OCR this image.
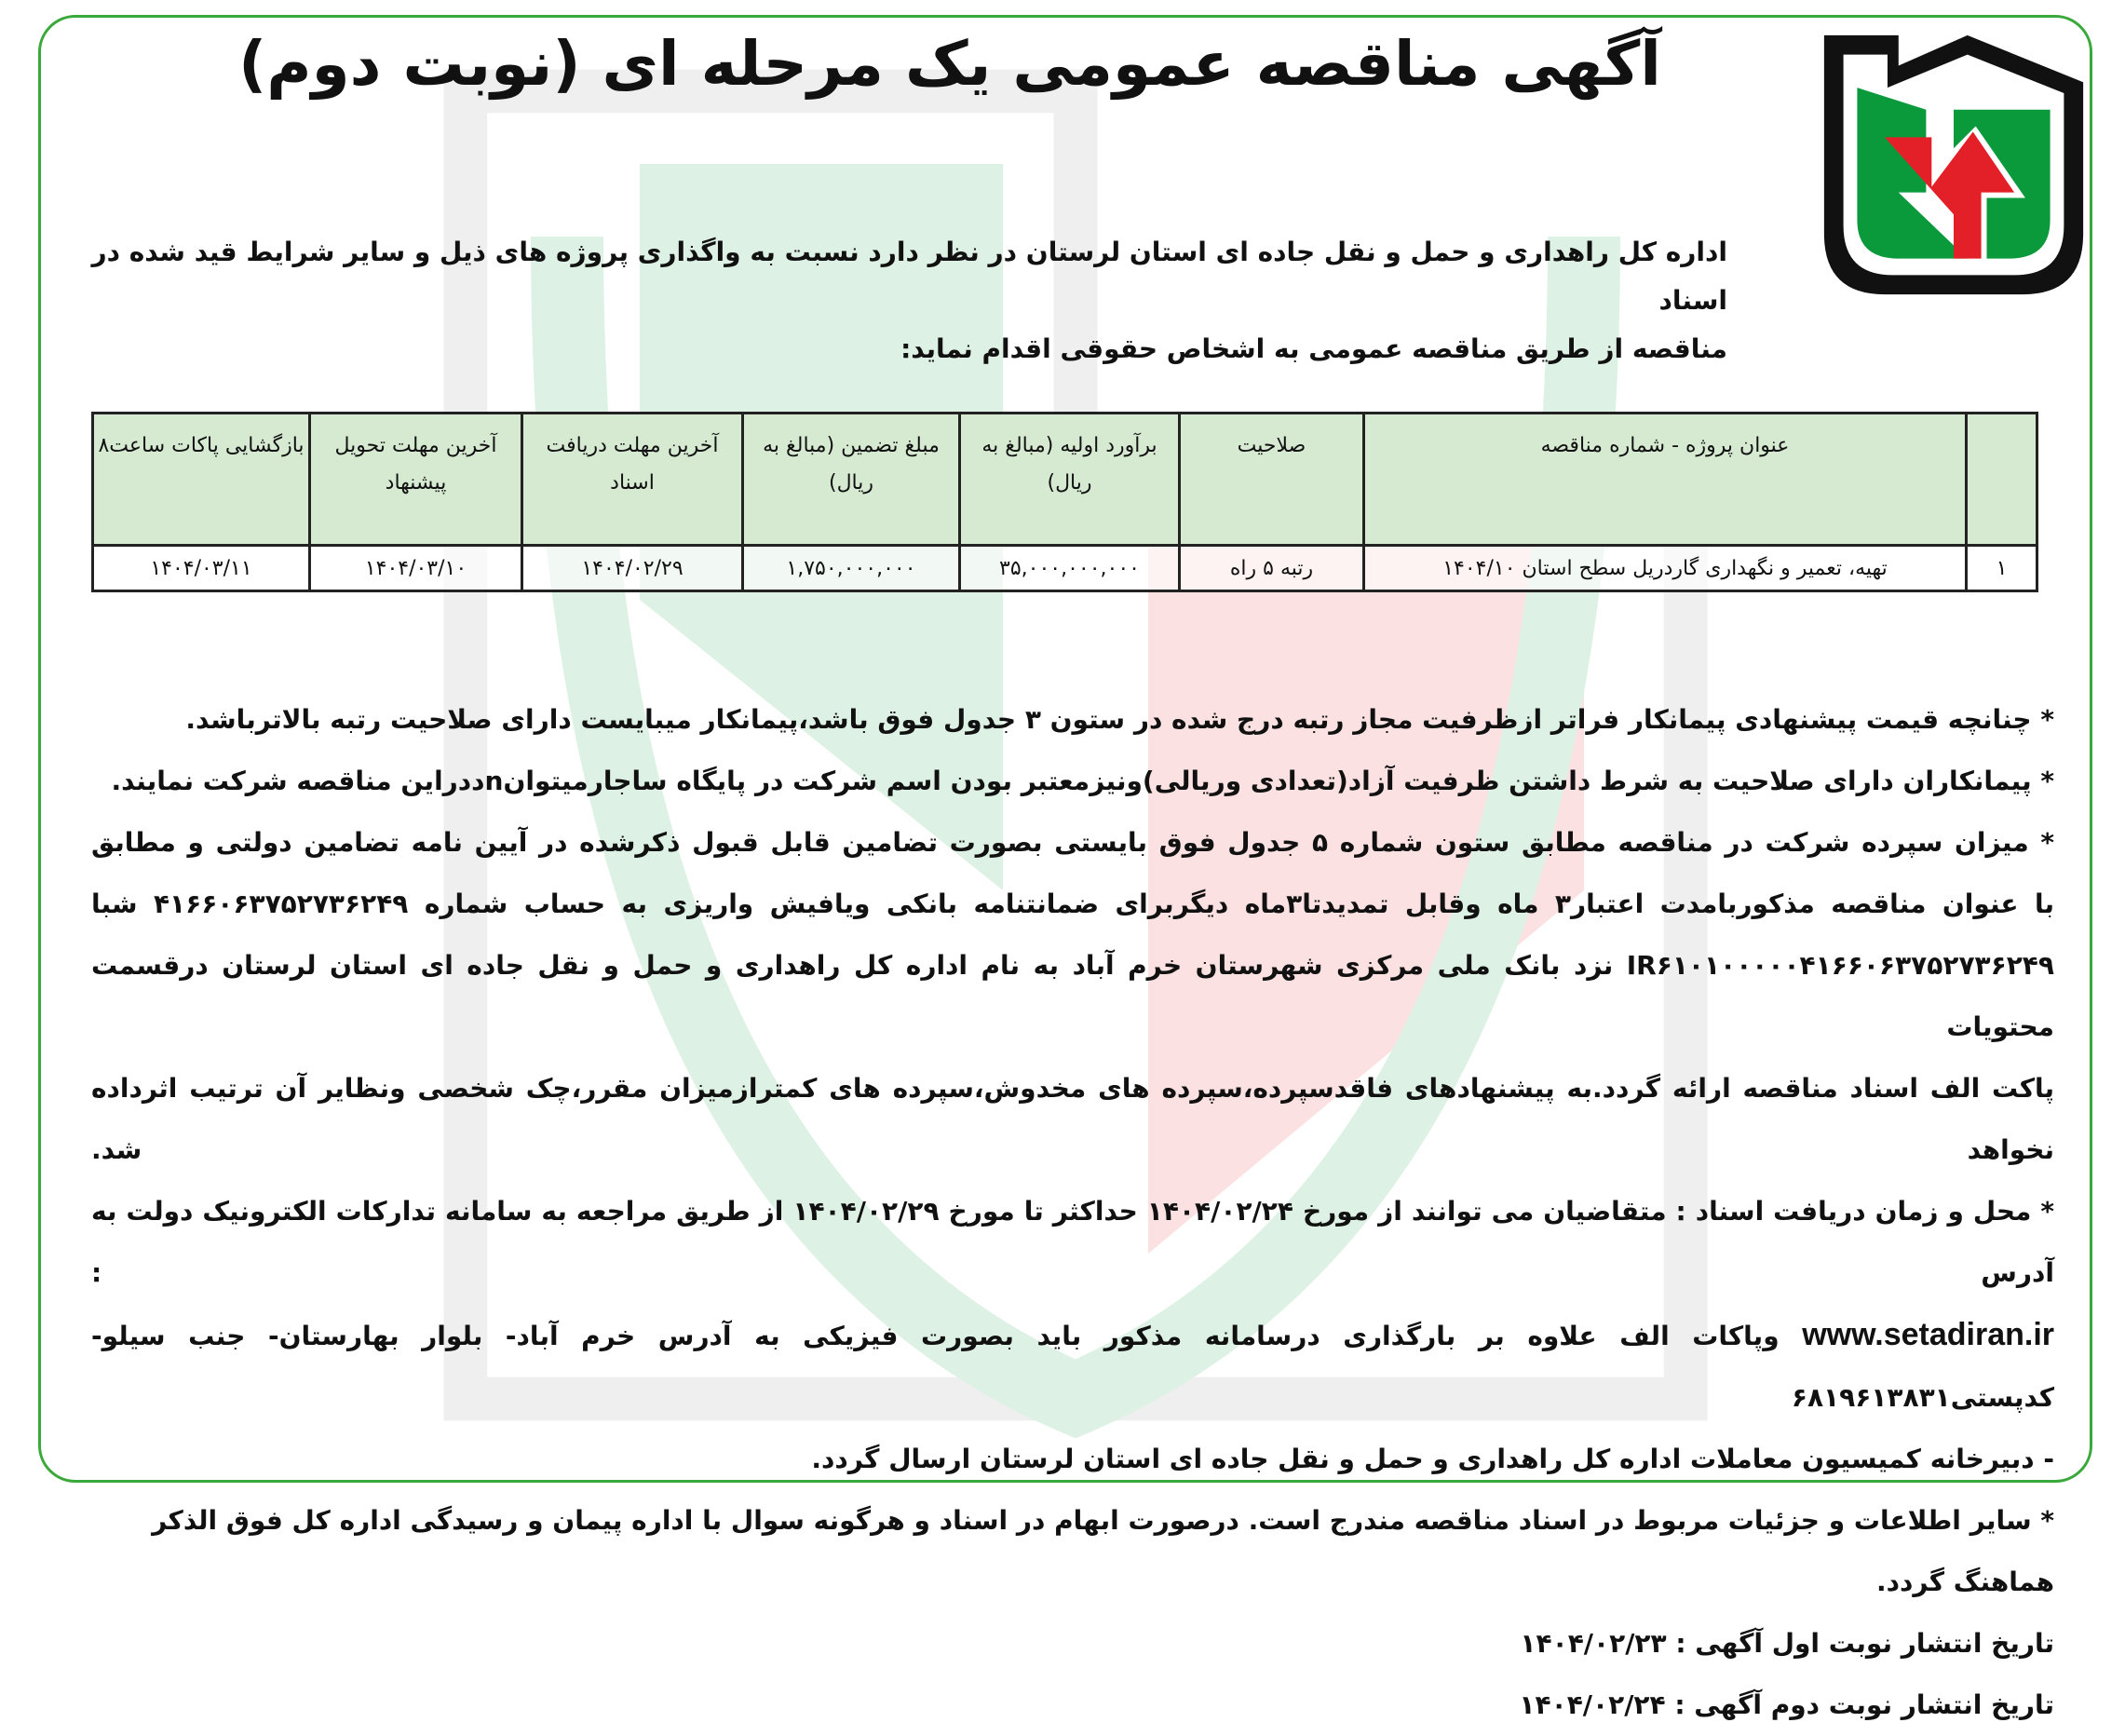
آگهی مناقصه عمومی یک مرحله ای (نوبت دوم)
اداره کل راهداری و حمل و نقل جاده ای استان لرستان در نظر دارد نسبت به واگذاری پروژه های ذیل و سایر شرایط قید شده در اسناد
مناقصه از طریق مناقصه عمومی به اشخاص حقوقی اقدام نماید:
	عنوان پروژه - شماره مناقصه	صلاحیت	برآورد اولیه (مبالغ به ریال)	مبلغ تضمین (مبالغ به ریال)	آخرین مهلت دریافت اسناد	آخرین مهلت تحویل پیشنهاد	بازگشایی پاکات ساعت۸
۱	تهیه، تعمیر و نگهداری گاردریل سطح استان ۱۴۰۴/۱۰	رتبه ۵ راه	۳۵,۰۰۰,۰۰۰,۰۰۰	۱,۷۵۰,۰۰۰,۰۰۰	۱۴۰۴/۰۲/۲۹	۱۴۰۴/۰۳/۱۰	۱۴۰۴/۰۳/۱۱
* چنانچه قیمت پیشنهادی پیمانکار فراتر ازظرفیت مجاز رتبه درج شده در ستون ۳ جدول فوق باشد،پیمانکار میبایست دارای صلاحیت رتبه بالاترباشد.
* پیمانکاران دارای صلاحیت به شرط داشتن ظرفیت آزاد(تعدادی وریالی)ونیزمعتبر بودن اسم شرکت در پایگاه ساجارمیتوانnددراین مناقصه شرکت نمایند.
* میزان سپرده شرکت در مناقصه مطابق ستون شماره ۵ جدول فوق بایستی بصورت تضامین قابل قبول ذکرشده در آیین نامه تضامین دولتی و مطابق
با عنوان مناقصه مذکوربامدت اعتبار۳ ماه وقابل تمدیدتا۳ماه دیگربرای ضمانتنامه بانکی ویافیش واریزی به حساب شماره ۴۱۶۶۰۶۳۷۵۲۷۳۶۲۴۹ شبا
IR۶۱۰۱۰۰۰۰۰۴۱۶۶۰۶۳۷۵۲۷۳۶۲۴۹ نزد بانک ملی مرکزی شهرستان خرم آباد به نام اداره کل راهداری و حمل و نقل جاده ای استان لرستان درقسمت محتویات
پاکت الف اسناد مناقصه ارائه گردد.به پیشنهادهای فاقدسپرده،سپرده های مخدوش،سپرده های کمترازمیزان مقرر،چک شخصی ونظایر آن ترتیب اثرداده نخواهد شد.
* محل و زمان دریافت اسناد : متقاضیان می توانند از مورخ ۱۴۰۴/۰۲/۲۴ حداکثر تا مورخ ۱۴۰۴/۰۲/۲۹ از طریق مراجعه به سامانه تدارکات الکترونیک دولت به آدرس :
www.setadiran.ir وپاکات الف علاوه بر بارگذاری درسامانه مذکور باید بصورت فیزیکی به آدرس خرم آباد- بلوار بهارستان- جنب سیلو-کدپستی۶۸۱۹۶۱۳۸۳۱
- دبیرخانه کمیسیون معاملات اداره کل راهداری و حمل و نقل جاده ای استان لرستان ارسال گردد.
* سایر اطلاعات و جزئیات مربوط در اسناد مناقصه مندرج است. درصورت ابهام در اسناد و هرگونه سوال با اداره پیمان و رسیدگی اداره کل فوق الذکر هماهنگ گردد.
تاریخ انتشار نوبت اول آگهی : ۱۴۰۴/۰۲/۲۳
تاریخ انتشار نوبت دوم آگهی : ۱۴۰۴/۰۲/۲۴
